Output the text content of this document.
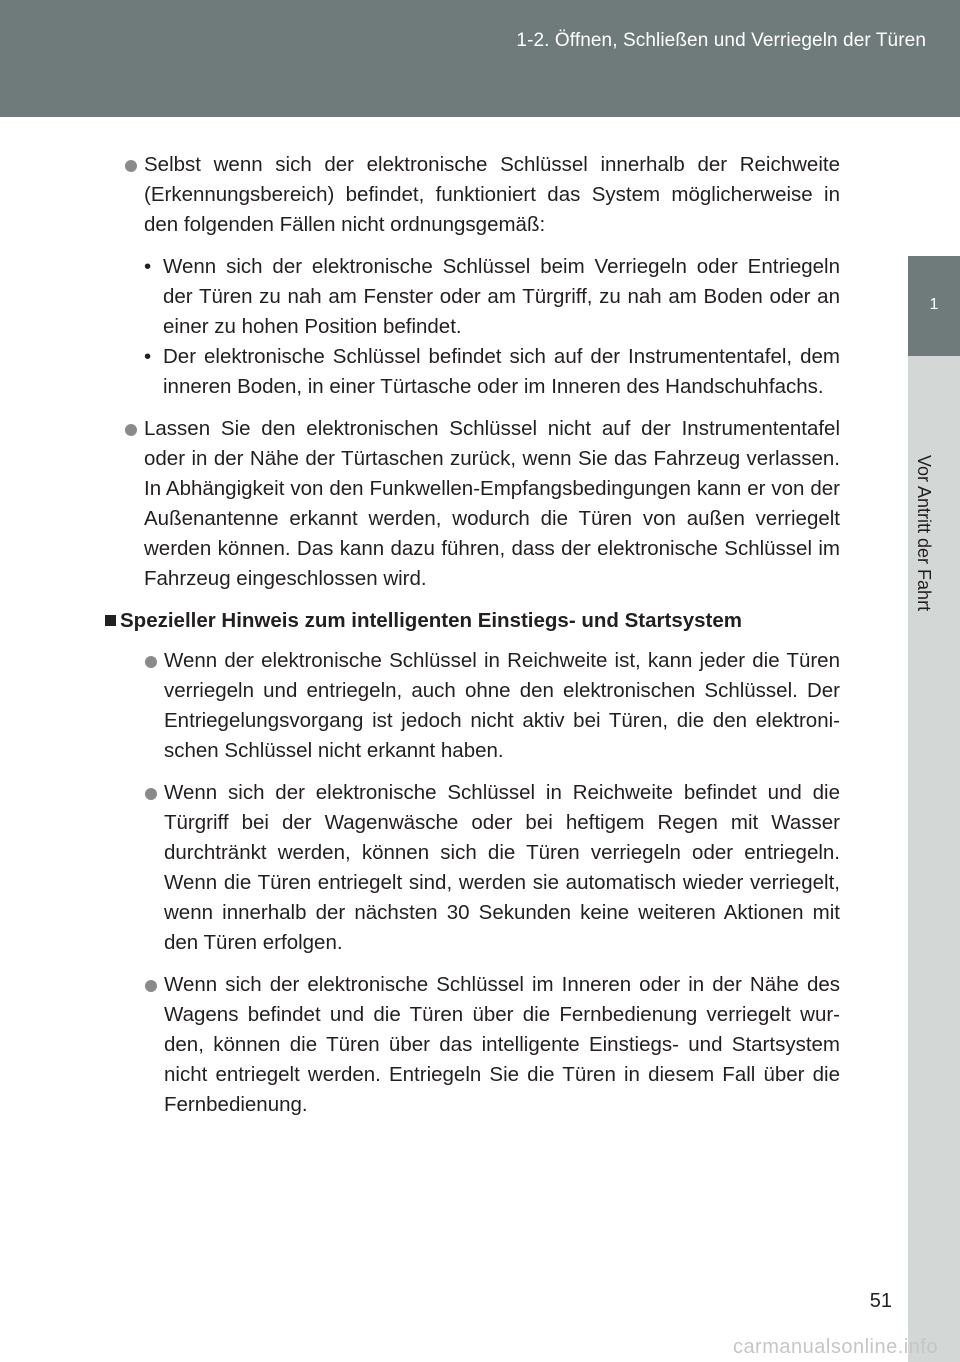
1-2. Öffnen, Schließen und Verriegeln der Türen
1
Vor Antritt der Fahrt
Selbst wenn sich der elektronische Schlüssel innerhalb der Reichweite (Erkennungsbereich) befindet, funktioniert das System möglicherweise in den folgenden Fällen nicht ordnungsgemäß:
• Wenn sich der elektronische Schlüssel beim Verriegeln oder Entriegeln der Türen zu nah am Fenster oder am Türgriff, zu nah am Boden oder an einer zu hohen Position befindet.
• Der elektronische Schlüssel befindet sich auf der Instrumententafel, dem inneren Boden, in einer Türtasche oder im Inneren des Handschuhfachs.
Lassen Sie den elektronischen Schlüssel nicht auf der Instrumententafel oder in der Nähe der Türtaschen zurück, wenn Sie das Fahrzeug verlassen. In Abhängigkeit von den Funkwellen-Empfangsbedingungen kann er von der Außenantenne erkannt werden, wodurch die Türen von außen verriegelt werden können. Das kann dazu führen, dass der elektronische Schlüssel im Fahrzeug eingeschlossen wird.
Spezieller Hinweis zum intelligenten Einstiegs- und Startsystem
Wenn der elektronische Schlüssel in Reichweite ist, kann jeder die Türen verriegeln und entriegeln, auch ohne den elektronischen Schlüssel. Der Entriegelungsvorgang ist jedoch nicht aktiv bei Türen, die den elektronischen Schlüssel nicht erkannt haben.
Wenn sich der elektronische Schlüssel in Reichweite befindet und die Türgriff bei der Wagenwäsche oder bei heftigem Regen mit Wasser durchtränkt werden, können sich die Türen verriegeln oder entriegeln. Wenn die Türen entriegelt sind, werden sie automatisch wieder verriegelt, wenn innerhalb der nächsten 30 Sekunden keine weiteren Aktionen mit den Türen erfolgen.
Wenn sich der elektronische Schlüssel im Inneren oder in der Nähe des Wagens befindet und die Türen über die Fernbedienung verriegelt wurden, können die Türen über das intelligente Einstiegs- und Startsystem nicht entriegelt werden. Entriegeln Sie die Türen in diesem Fall über die Fernbedienung.
51
carmanualsonline.info
